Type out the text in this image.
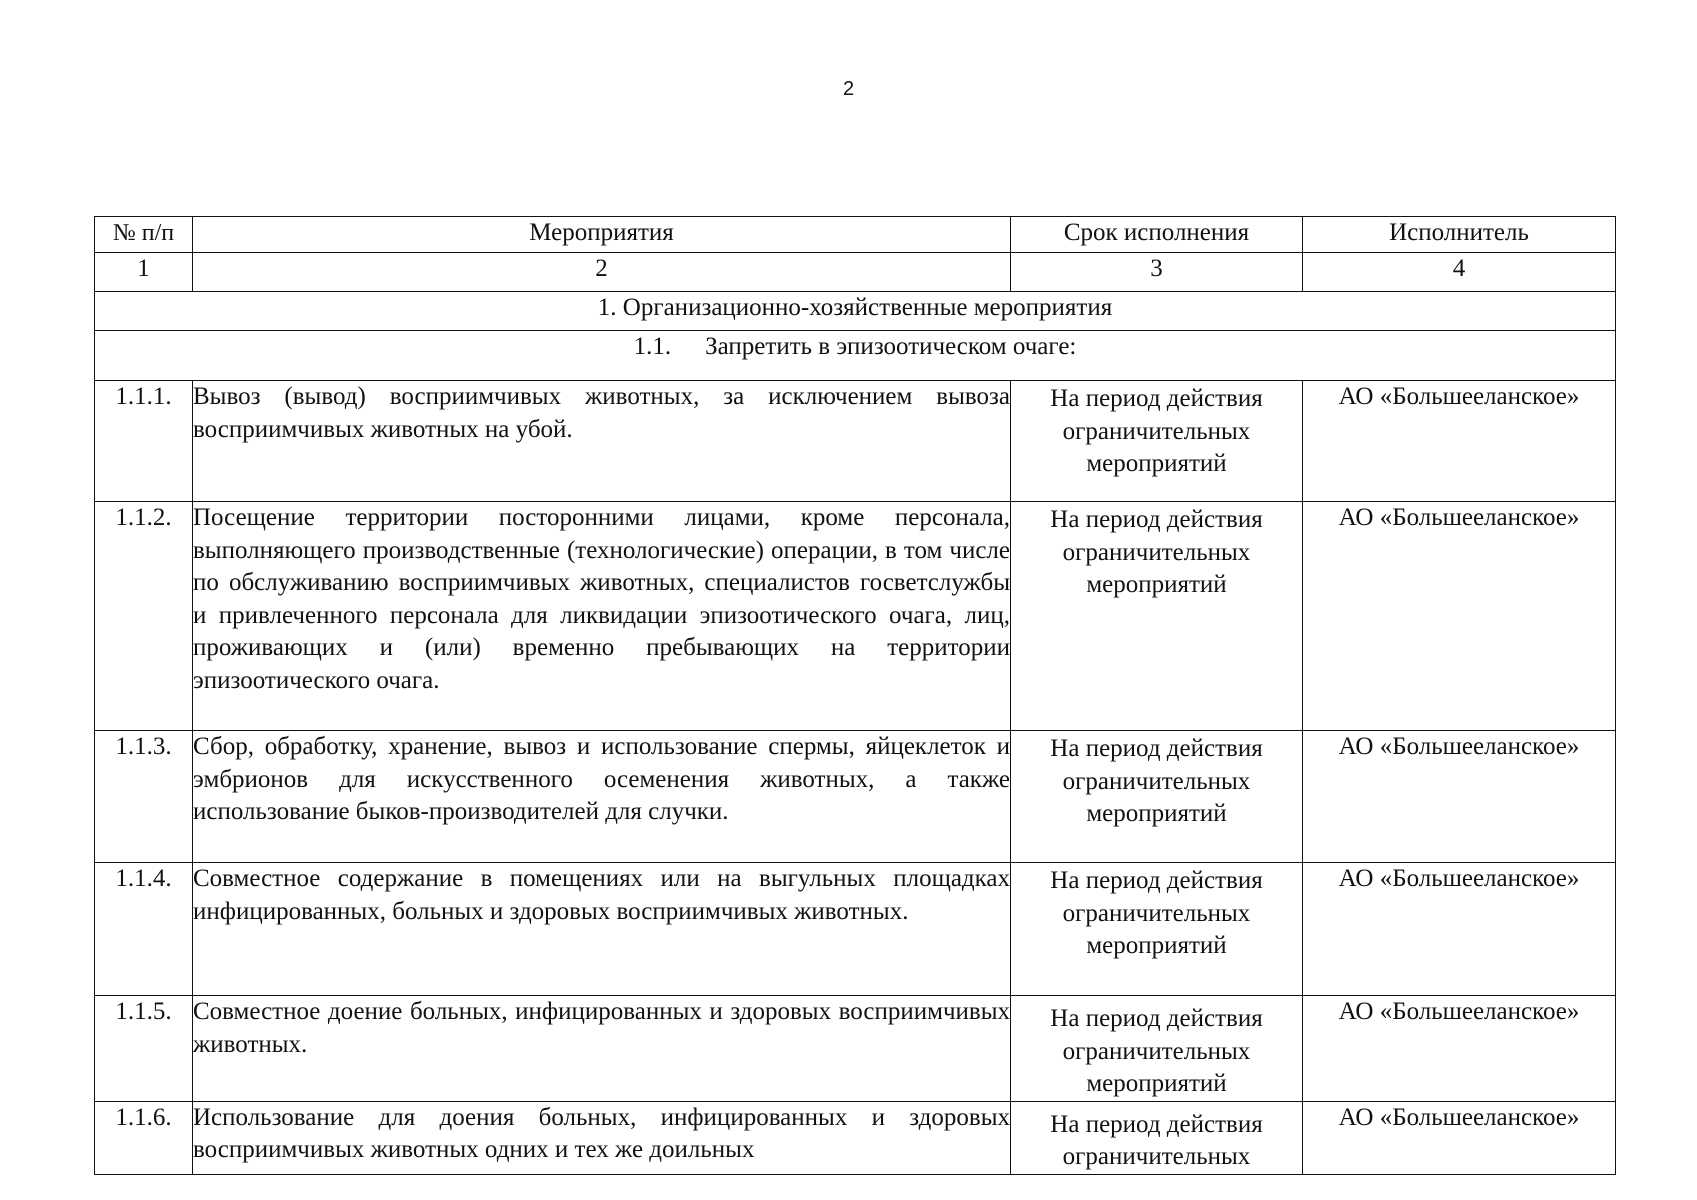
2
№ п/п	Мероприятия	Срок исполнения	Исполнитель
1	2	3	4
1. Организационно-хозяйственные мероприятия			
1.1. Запретить в эпизоотическом очаге:			
1.1.1.	Вывоз (вывод) восприимчивых животных, за исключением вывоза восприимчивых животных на убой.	На период действия ограничительных мероприятий	АО «Большееланское»
1.1.2.	Посещение территории посторонними лицами, кроме персонала, выполняющего производственные (технологические) операции, в том числе по обслуживанию восприимчивых животных, специалистов госветслужбы и привлеченного персонала для ликвидации эпизоотического очага, лиц, проживающих и (или) временно пребывающих на территории эпизоотического очага.	На период действия ограничительных мероприятий	АО «Большееланское»
1.1.3.	Сбор, обработку, хранение, вывоз и использование спермы, яйцеклеток и эмбрионов для искусственного осеменения животных, а также использование быков-производителей для случки.	На период действия ограничительных мероприятий	АО «Большееланское»
1.1.4.	Совместное содержание в помещениях или на выгульных площадках инфицированных, больных и здоровых восприимчивых животных.	На период действия ограничительных мероприятий	АО «Большееланское»
1.1.5.	Совместное доение больных, инфицированных и здоровых восприимчивых животных.	На период действия ограничительных мероприятий	АО «Большееланское»
1.1.6.	Использование для доения больных, инфицированных и здоровых восприимчивых животных одних и тех же доильных	На период действия ограничительных	АО «Большееланское»
